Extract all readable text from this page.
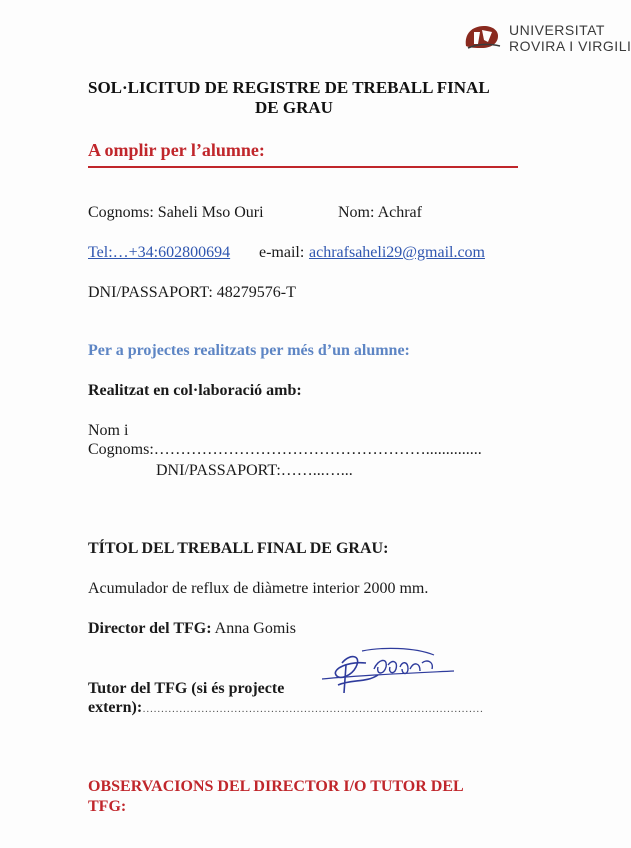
UNIVERSITAT
ROVIRA I VIRGILI
SOL·LICITUD DE REGISTRE DE TREBALL FINAL
DE GRAU
A omplir per l’alumne:
Cognoms: Saheli Mso Ouri	Nom: Achraf
Tel:…+34:602800694 e-mail: achrafsaheli29@gmail.com
DNI/PASSAPORT: 48279576-T
Per a projectes realitzats per més d’un alumne:
Realitzat en col·laboració amb:
Nom i
Cognoms:……………………………………………..............
DNI/PASSAPORT:……...…...
TÍTOL DEL TREBALL FINAL DE GRAU:
Acumulador de reflux de diàmetre interior 2000 mm.
Director del TFG: Anna Gomis
Tutor del TFG (si és projecte
extern):…………………………………………………………………………………
OBSERVACIONS DEL DIRECTOR I/O TUTOR DEL
TFG:
